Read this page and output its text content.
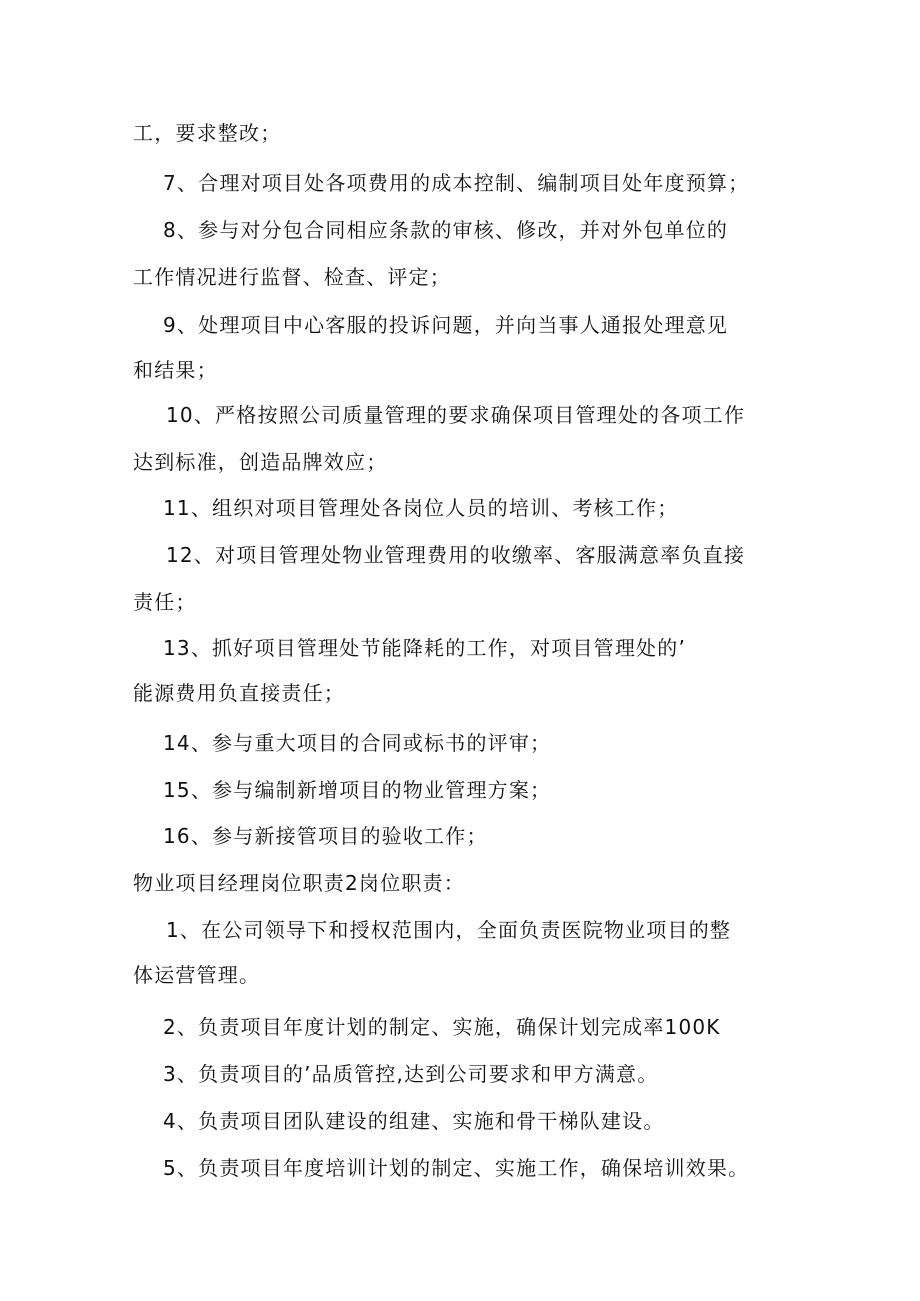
工，要求整改；
7、合理对项目处各项费用的成本控制、编制项目处年度预算；
8、参与对分包合同相应条款的审核、修改，并对外包单位的
工作情况进行监督、检查、评定；
9、处理项目中心客服的投诉问题，并向当事人通报处理意见
和结果；
10、严格按照公司质量管理的要求确保项目管理处的各项工作
达到标准，创造品牌效应；
11、组织对项目管理处各岗位人员的培训、考核工作；
12、对项目管理处物业管理费用的收缴率、客服满意率负直接
责任；
13、抓好项目管理处节能降耗的工作，对项目管理处的’
能源费用负直接责任；
14、参与重大项目的合同或标书的评审；
15、参与编制新增项目的物业管理方案；
16、参与新接管项目的验收工作；
物业项目经理岗位职责2岗位职责：
1、在公司领导下和授权范围内，全面负责医院物业项目的整
体运营管理。
2、负责项目年度计划的制定、实施，确保计划完成率100K
3、负责项目的’品质管控,达到公司要求和甲方满意。
4、负责项目团队建设的组建、实施和骨干梯队建设。
5、负责项目年度培训计划的制定、实施工作，确保培训效果。
